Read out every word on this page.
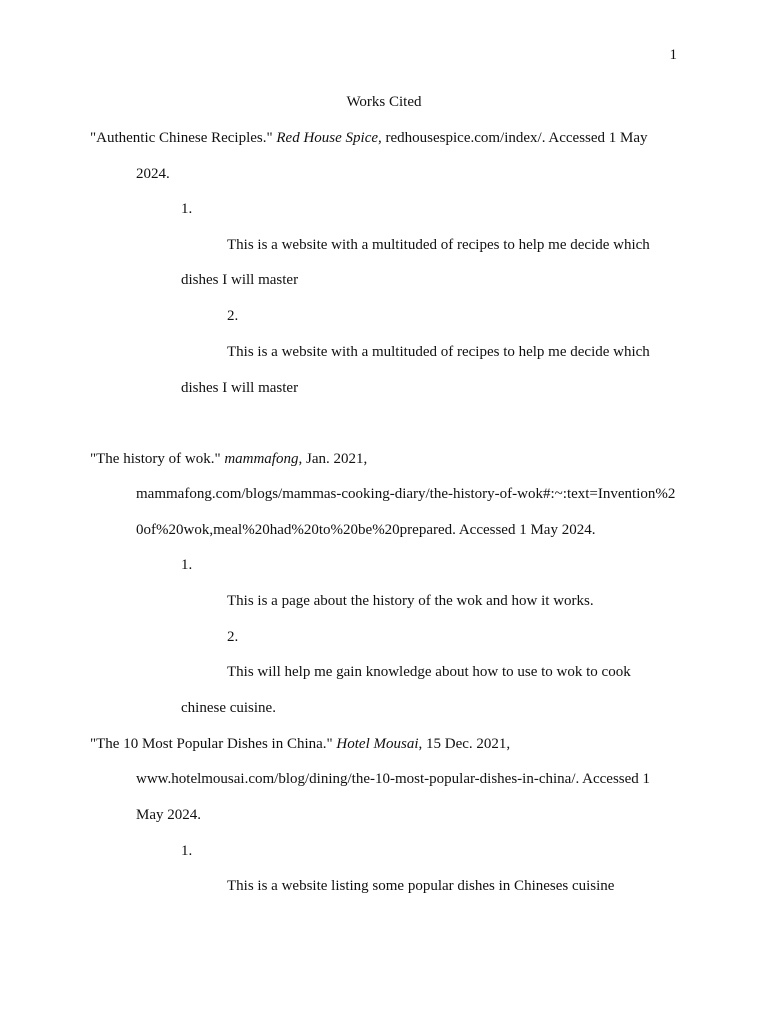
1
Works Cited
"Authentic Chinese Reciples." Red House Spice, redhousespice.com/index/. Accessed 1 May
2024.
1.
This is a website with a multituded of recipes to help me decide which
dishes I will master
2.
This is a website with a multituded of recipes to help me decide which
dishes I will master
"The history of wok." mammafong, Jan. 2021,
mammafong.com/blogs/mammas-cooking-diary/the-history-of-wok#:~:text=Invention%2
0of%20wok,meal%20had%20to%20be%20prepared. Accessed 1 May 2024.
1.
This is a page about the history of the wok and how it works.
2.
This will help me gain knowledge about how to use to wok to cook
chinese cuisine.
"The 10 Most Popular Dishes in China." Hotel Mousai, 15 Dec. 2021,
www.hotelmousai.com/blog/dining/the-10-most-popular-dishes-in-china/. Accessed 1
May 2024.
1.
This is a website listing some popular dishes in Chineses cuisine
